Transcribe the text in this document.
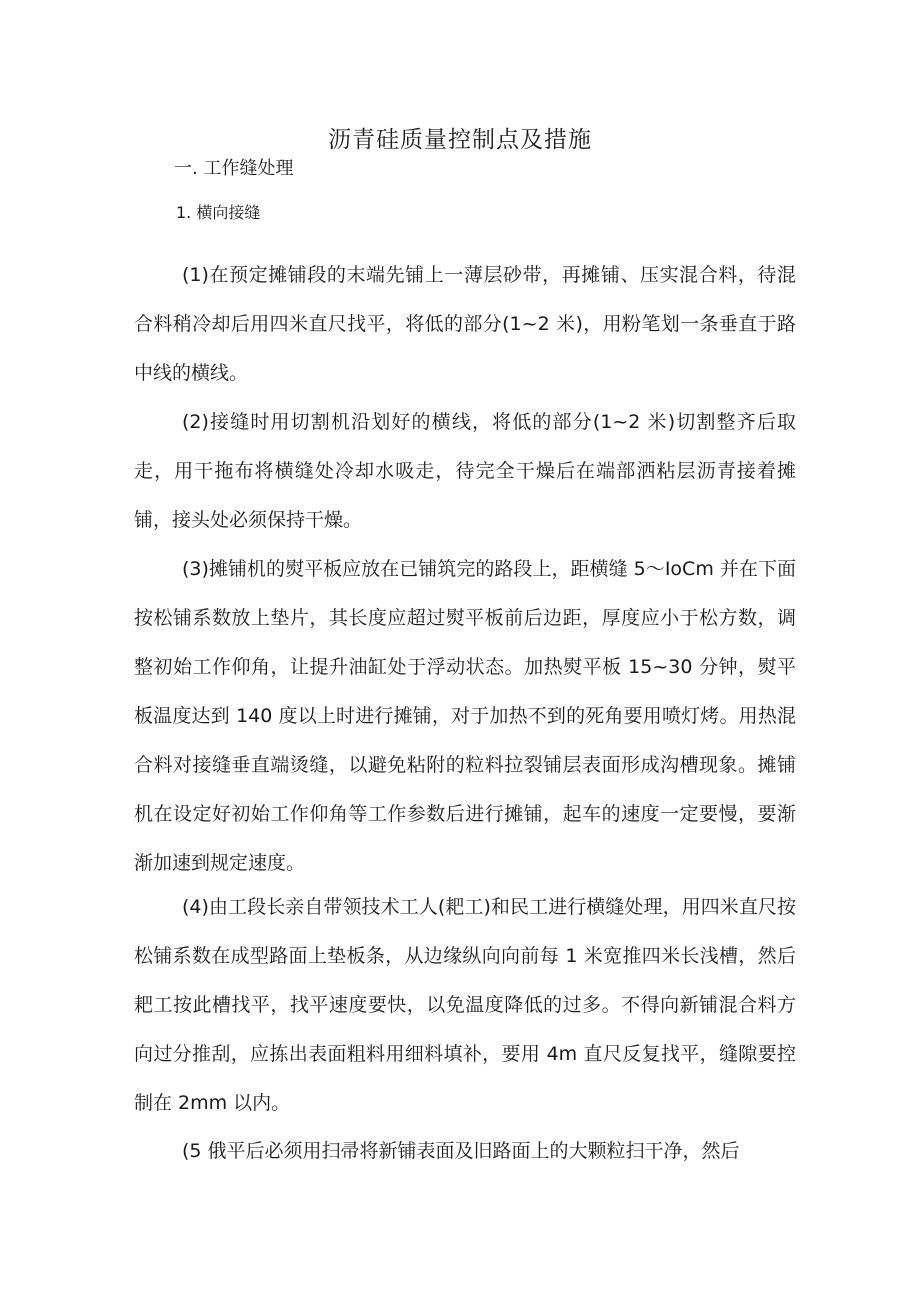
沥青硅质量控制点及措施
一. 工作缝处理
1. 横向接缝

(1)在预定摊铺段的末端先铺上一薄层砂带，再摊铺、压实混合料，待混合料稍冷却后用四米直尺找平，将低的部分(1~2 米)，用粉笔划一条垂直于路中线的横线。

(2)接缝时用切割机沿划好的横线，将低的部分(1~2 米)切割整齐后取走，用干拖布将横缝处冷却水吸走，待完全干燥后在端部洒粘层沥青接着摊铺，接头处必须保持干燥。

(3)摊铺机的熨平板应放在已铺筑完的路段上，距横缝 5～IoCm 并在下面按松铺系数放上垫片，其长度应超过熨平板前后边距，厚度应小于松方数，调整初始工作仰角，让提升油缸处于浮动状态。加热熨平板 15~30 分钟，熨平板温度达到 140 度以上时进行摊铺，对于加热不到的死角要用喷灯烤。用热混合料对接缝垂直端烫缝，以避免粘附的粒料拉裂铺层表面形成沟槽现象。摊铺机在设定好初始工作仰角等工作参数后进行摊铺，起车的速度一定要慢，要渐渐加速到规定速度。

(4)由工段长亲自带领技术工人(耙工)和民工进行横缝处理，用四米直尺按松铺系数在成型路面上垫板条，从边缘纵向向前每 1 米宽推四米长浅槽，然后耙工按此槽找平，找平速度要快，以免温度降低的过多。不得向新铺混合料方向过分推刮，应拣出表面粗料用细料填补，要用 4m 直尺反复找平，缝隙要控制在 2mm 以内。

(5 俄平后必须用扫帚将新铺表面及旧路面上的大颗粒扫干净，然后
